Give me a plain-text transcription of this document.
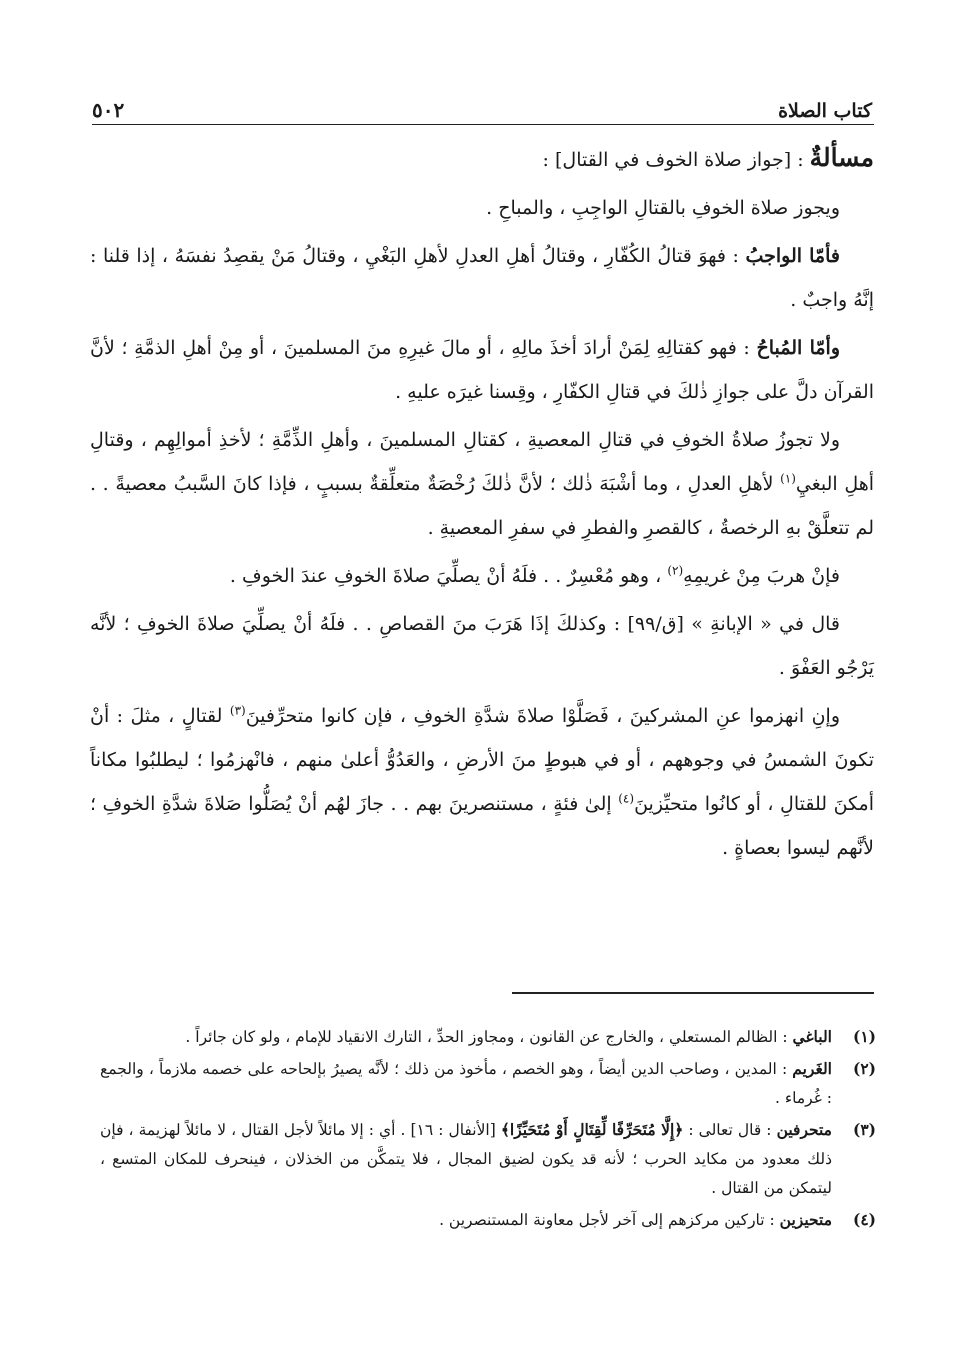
كتاب الصلاة
٥٠٢

مسألةٌ : [جواز صلاة الخوف في القتال] :

ويجوز صلاة الخوفِ بالقتالِ الواجِبِ ، والمباحِ .

فأمّا الواجبُ : فهوَ قتالُ الكُفّارِ ، وقتالُ أهلِ العدلِ لأهلِ البَغْيِ ، وقتالُ مَنْ يقصِدُ نفسَهُ ، إذا قلنا : إنَّهُ واجبٌ .

وأمّا المُباحُ : فهو كقتالِهِ لِمَنْ أرادَ أخذَ مالِهِ ، أو مالَ غيرِهِ منَ المسلمينَ ، أو مِنْ أهلِ الذمَّةِ ؛ لأنَّ القرآن دلَّ على جوازِ ذٰلكَ في قتالِ الكفّارِ ، وقِسنا غيرَه عليهِ .

ولا تجوزُ صلاةُ الخوفِ في قتالِ المعصيةِ ، كقتالِ المسلمينَ ، وأهلِ الذِّمَّةِ ؛ لأخذِ أموالِهِم ، وقتالِ أهلِ البغيِ$^{(١)}$ لأهلِ العدلِ ، وما أشْبَهَ ذٰلك ؛ لأنَّ ذٰلكَ رُخْصَةٌ متعلِّقةٌ بسببٍ ، فإذا كانَ السَّببُ معصيةً . . لم تتعلَّقْ بهِ الرخصةُ ، كالقصرِ والفطرِ في سفرِ المعصيةِ .

فإنْ هربَ مِنْ غريمِهِ$^{(٢)}$ ، وهو مُعْسِرٌ . . فلَهُ أنْ يصلِّيَ صلاةَ الخوفِ عندَ الخوفِ .

قال في « الإبانةِ » [ق/٩٩] : وكذلكَ إذَا هَرَبَ منَ القصاصِ . . فلَهُ أنْ يصلِّيَ صلاةَ الخوفِ ؛ لأنَّه يَرْجُو العَفْوَ .

وإنِ انهزموا عنِ المشركينَ ، فَصَلَّوْا صلاةَ شدَّةِ الخوفِ ، فإن كانوا متحرِّفينَ$^{(٣)}$ لقتالٍ ، مثلَ : أنْ تكونَ الشمسُ في وجوههم ، أو في هبوطٍ منَ الأرضِ ، والعَدُوُّ أعلىٰ منهم ، فانْهزمُوا ؛ ليطلبُوا مكاناً أمكنَ للقتالِ ، أو كانُوا متحيِّزينَ$^{(٤)}$ إلىٰ فئةٍ ، مستنصرينَ بهم . . جازَ لهُم أنْ يُصَلُّوا صَلاةَ شدَّةِ الخوفِ ؛ لأنَّهم ليسوا بعصاةٍ .

(١)
الباغي : الظالم المستعلي ، والخارج عن القانون ، ومجاوز الحدِّ ، التارك الانقياد للإمام ، ولو كان جائراً .
(٢)
الغَريم : المدين ، وصاحب الدين أيضاً ، وهو الخصم ، مأخوذ من ذلك ؛ لأنَّه يصيرُ بإلحاحه على خصمه ملازماً ، والجمع : غُرماء .
(٣)
متحرفين : قال تعالى : ﴿إِلَّا مُتَحَرِّفًا لِّقِتَالٍ أَوْ مُتَحَيِّزًا﴾ [الأنفال : ١٦] . أي : إلا مائلاً لأجل القتال ، لا مائلاً لهزيمة ، فإن ذلك معدود من مكايد الحرب ؛ لأنه قد يكون لضيق المجال ، فلا يتمكَّن من الخذلان ، فينحرف للمكان المتسع ، ليتمكن من القتال .
(٤)
متحيزين : تاركين مركزهم إلى آخر لأجل معاونة المستنصرين .
